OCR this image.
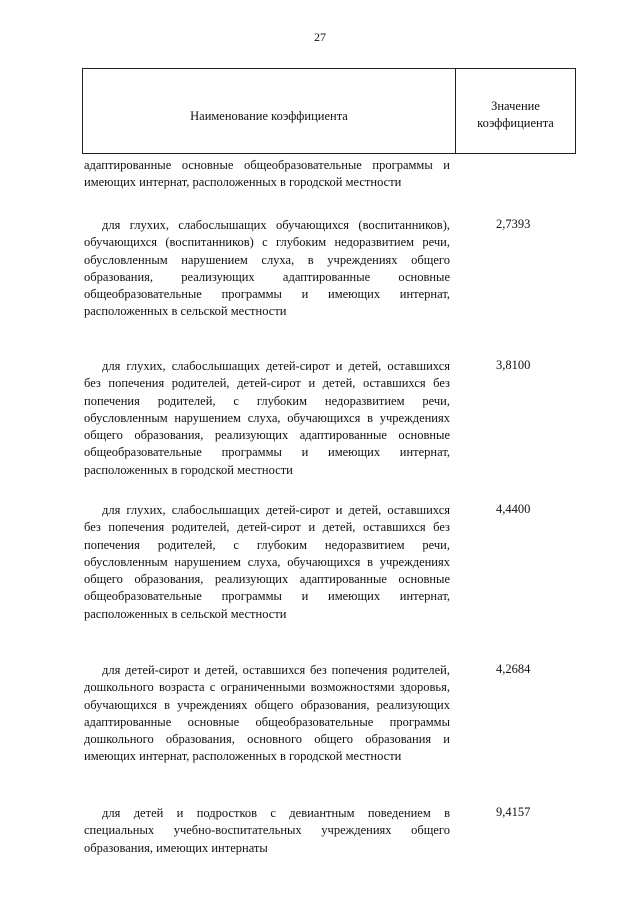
27
Наименование коэффициента
Значение
коэффициента
адаптированные основные общеобразовательные программы и имеющих интернат, расположенных в городской местности
для глухих, слабослышащих обучающихся (воспитанников), обучающихся (воспитанников) с глубоким недоразвитием речи, обусловленным нарушением слуха, в учреждениях общего образования, реализующих адаптированные основные общеобразовательные программы и имеющих интернат, расположенных в сельской местности
2,7393
для глухих, слабослышащих детей-сирот и детей, оставшихся без попечения родителей, детей-сирот и детей, оставшихся без попечения родителей, с глубоким недоразвитием речи, обусловленным нарушением слуха, обучающихся в учреждениях общего образования, реализующих адаптированные основные общеобразовательные программы и имеющих интернат, расположенных в городской местности
3,8100
для глухих, слабослышащих детей-сирот и детей, оставшихся без попечения родителей, детей-сирот и детей, оставшихся без попечения родителей, с глубоким недоразвитием речи, обусловленным нарушением слуха, обучающихся в учреждениях общего образования, реализующих адаптированные основные общеобразовательные программы и имеющих интернат, расположенных в сельской местности
4,4400
для детей-сирот и детей, оставшихся без попечения родителей, дошкольного возраста с ограниченными возможностями здоровья, обучающихся в учреждениях общего образования, реализующих адаптированные основные общеобразовательные программы дошкольного образования, основного общего образования и имеющих интернат, расположенных в городской местности
4,2684
для детей и подростков с девиантным поведением в специальных учебно-воспитательных учреждениях общего образования, имеющих интернаты
9,4157
